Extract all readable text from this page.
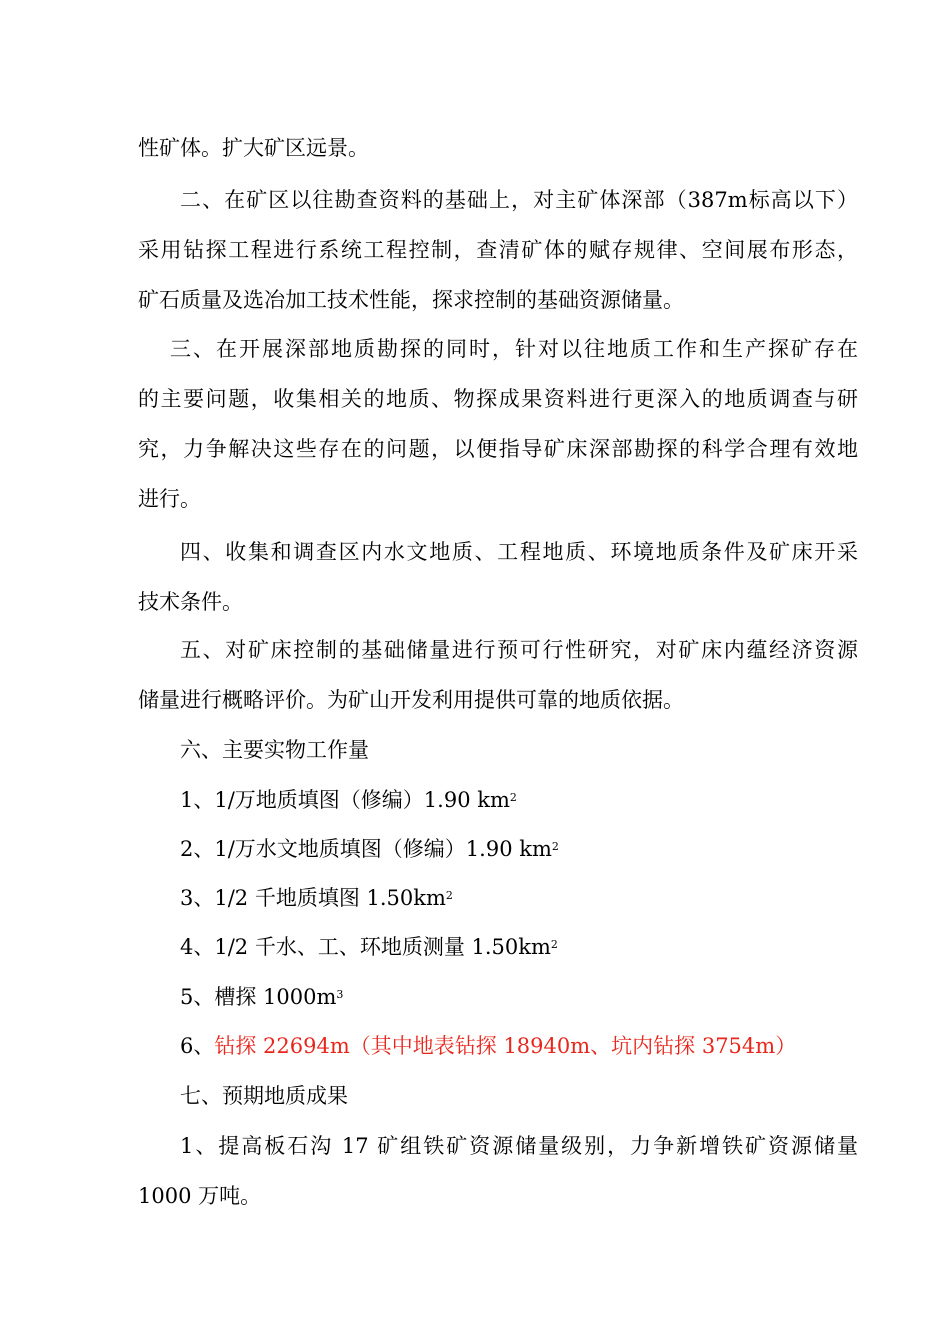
性矿体。扩大矿区远景。
二、在矿区以往勘查资料的基础上，对主矿体深部（387m标高以下）
采用钻探工程进行系统工程控制，查清矿体的赋存规律、空间展布形态，
矿石质量及选冶加工技术性能，探求控制的基础资源储量。
三、在开展深部地质勘探的同时，针对以往地质工作和生产探矿存在
的主要问题，收集相关的地质、物探成果资料进行更深入的地质调查与研
究，力争解决这些存在的问题，以便指导矿床深部勘探的科学合理有效地
进行。
四、收集和调查区内水文地质、工程地质、环境地质条件及矿床开采
技术条件。
五、对矿床控制的基础储量进行预可行性研究，对矿床内蕴经济资源
储量进行概略评价。为矿山开发利用提供可靠的地质依据。
六、主要实物工作量
1、1/万地质填图（修编）1.90 $km^2$
2、1/万水文地质填图（修编）1.90 $km^2$
3、1/2 千地质填图 $1.50km^2$
4、1/2 千水、工、环地质测量 $1.50km^2$
5、槽探 $1000m^3$
6、钻探 22694m（其中地表钻探 18940m、坑内钻探 3754m）
七、预期地质成果
1、提高板石沟 17 矿组铁矿资源储量级别，力争新增铁矿资源储量
1000 万吨。
